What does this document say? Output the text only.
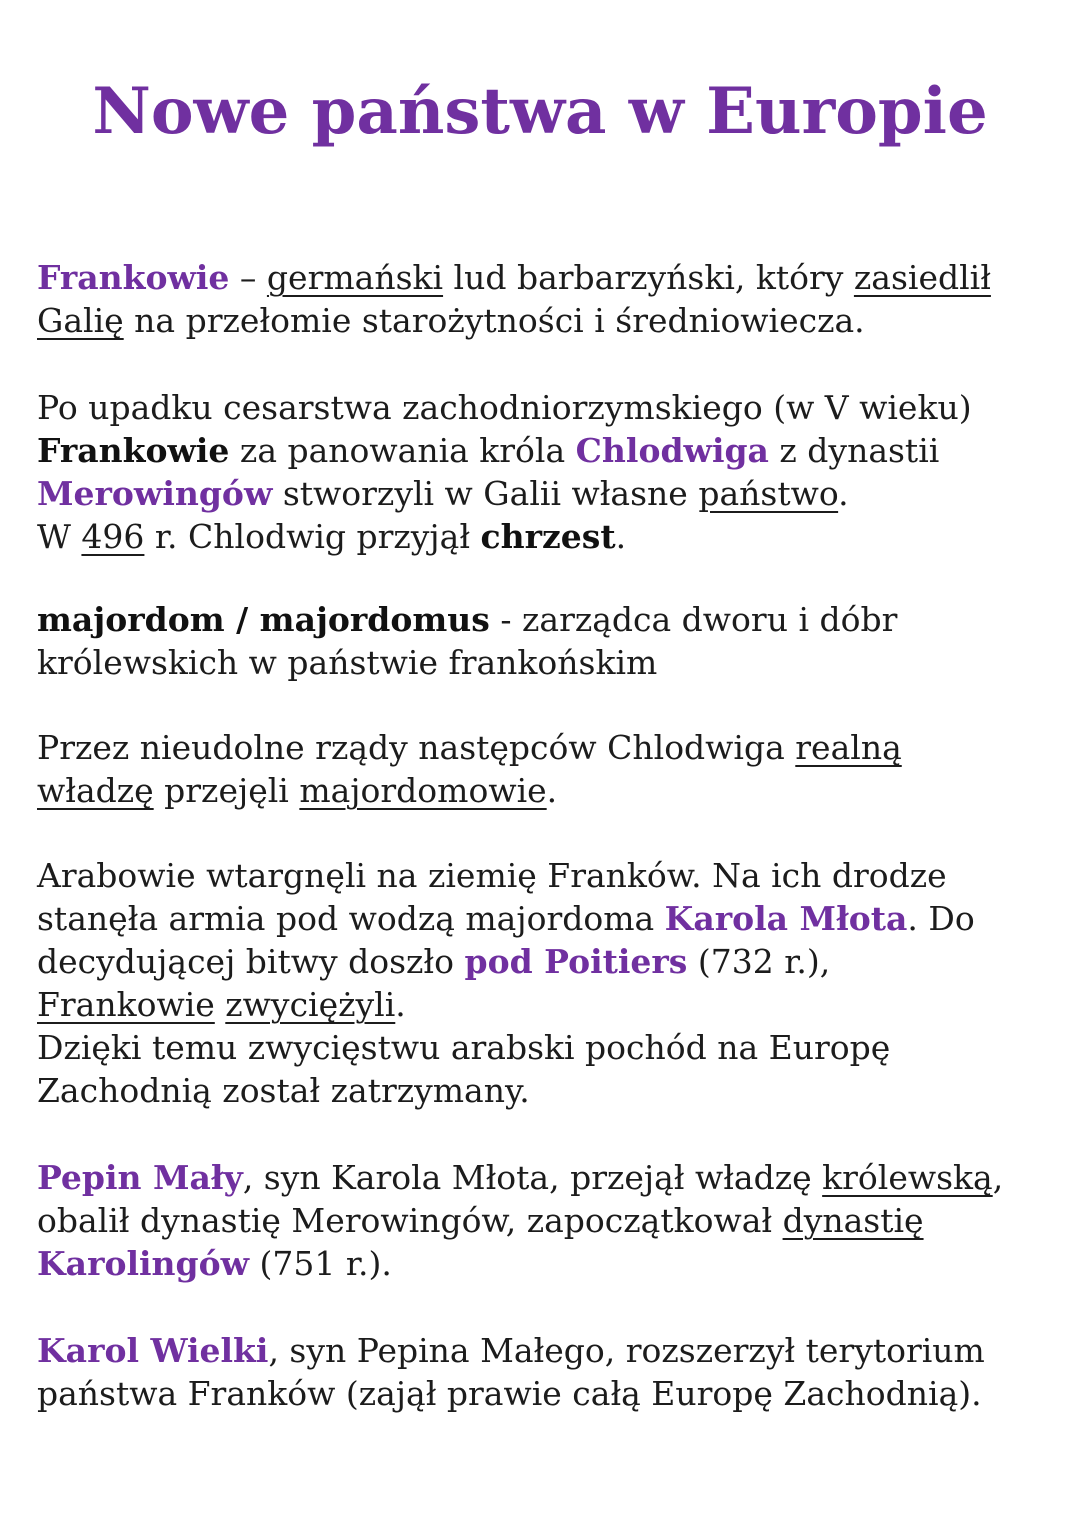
Nowe państwa w Europie

Frankowie – germański lud barbarzyński, który zasiedlił
Galię na przełomie starożytności i średniowiecza.

Po upadku cesarstwa zachodniorzymskiego (w V wieku)
Frankowie za panowania króla Chlodwiga z dynastii
Merowingów stworzyli w Galii własne państwo.
W 496 r. Chlodwig przyjął chrzest.

majordom / majordomus - zarządca dworu i dóbr
królewskich w państwie frankońskim

Przez nieudolne rządy następców Chlodwiga realną
władzę przejęli majordomowie.

Arabowie wtargnęli na ziemię Franków. Na ich drodze
stanęła armia pod wodzą majordoma Karola Młota. Do
decydującej bitwy doszło pod Poitiers (732 r.),
Frankowie zwyciężyli.
Dzięki temu zwycięstwu arabski pochód na Europę
Zachodnią został zatrzymany.

Pepin Mały, syn Karola Młota, przejął władzę królewską,
obalił dynastię Merowingów, zapoczątkował dynastię
Karolingów (751 r.).

Karol Wielki, syn Pepina Małego, rozszerzył terytorium
państwa Franków (zajął prawie całą Europę Zachodnią).
